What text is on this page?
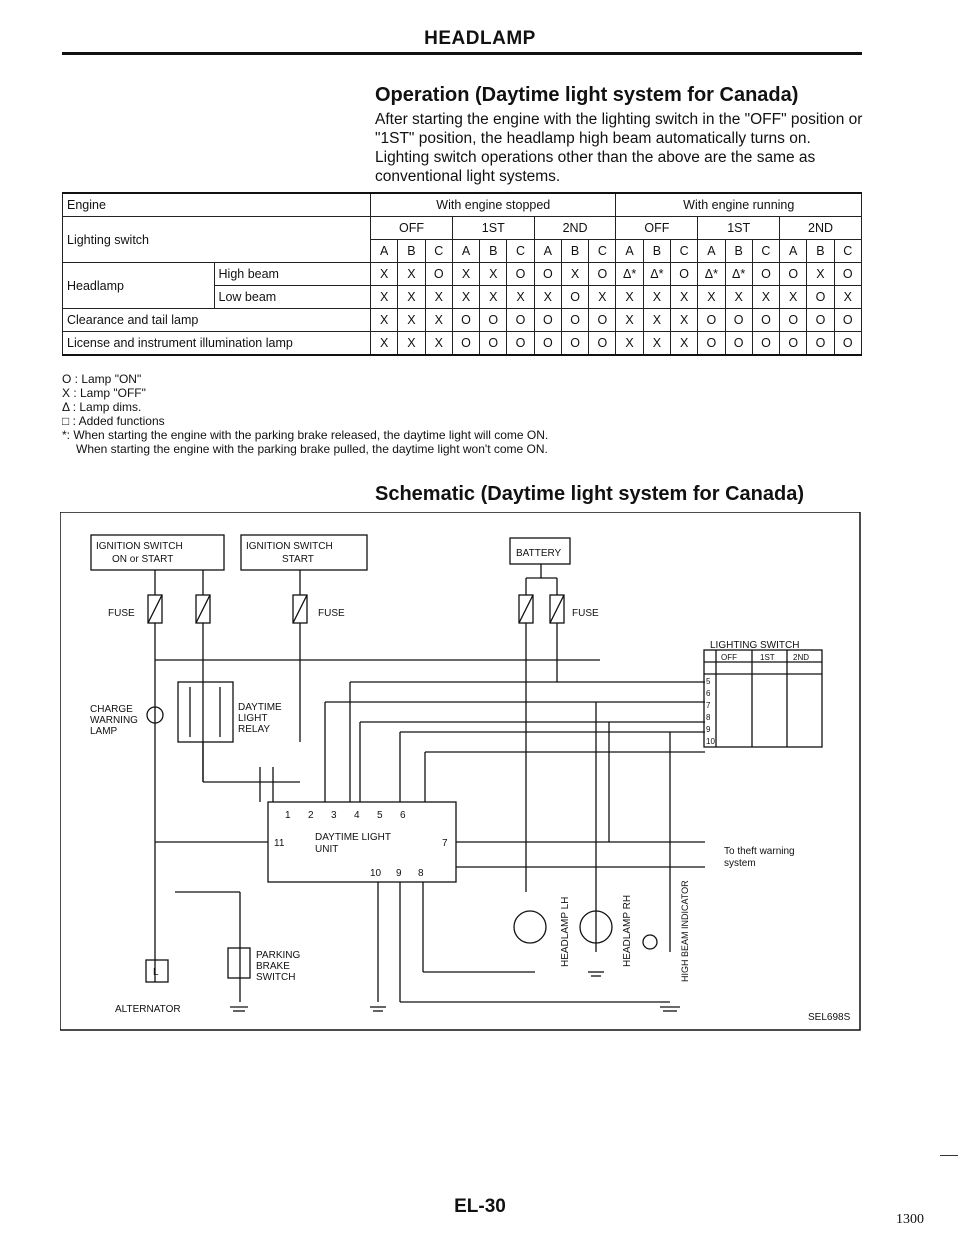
HEADLAMP
Operation (Daytime light system for Canada)
After starting the engine with the lighting switch in the "OFF" position or "1ST" position, the headlamp high beam automatically turns on. Lighting switch operations other than the above are the same as conventional light systems.
Engine		With engine stopped									With engine running								
Lighting switch		OFF			1ST			2ND			OFF			1ST			2ND		
		A	B	C	A	B	C	A	B	C	A	B	C	A	B	C	A	B	C
Headlamp	High beam	X	X	O	X	X	O	O	X	O	Δ*	Δ*	O	Δ*	Δ*	O	O	X	O
	Low beam	X	X	X	X	X	X	X	O	X	X	X	X	X	X	X	X	O	X
Clearance and tail lamp		X	X	X	O	O	O	O	O	O	X	X	X	O	O	O	O	O	O
License and instrument illumination lamp		X	X	X	O	O	O	O	O	O	X	X	X	O	O	O	O	O	O
O : Lamp "ON"
X : Lamp "OFF"
Δ : Lamp dims.
□ : Added functions
*: When starting the engine with the parking brake released, the daytime light will come ON.
When starting the engine with the parking brake pulled, the daytime light won't come ON.
Schematic (Daytime light system for Canada)
IGNITION SWITCH
ON or START
IGNITION SWITCH
START
BATTERY
FUSE	FUSE	FUSE
CHARGE
WARNING
LAMP
DAYTIME
LIGHT
RELAY
1 2 3 4 5 6
11
DAYTIME LIGHT
UNIT
7
10 9 8
PARKING
BRAKE
SWITCH
L
ALTERNATOR
To theft warning
system
LIGHTING SWITCH
OFF	1ST 2ND
5
6
7
8
9
10
HEADLAMP LH	HEADLAMP RH	HIGH BEAM INDICATOR
SEL698S
EL-30
1300
